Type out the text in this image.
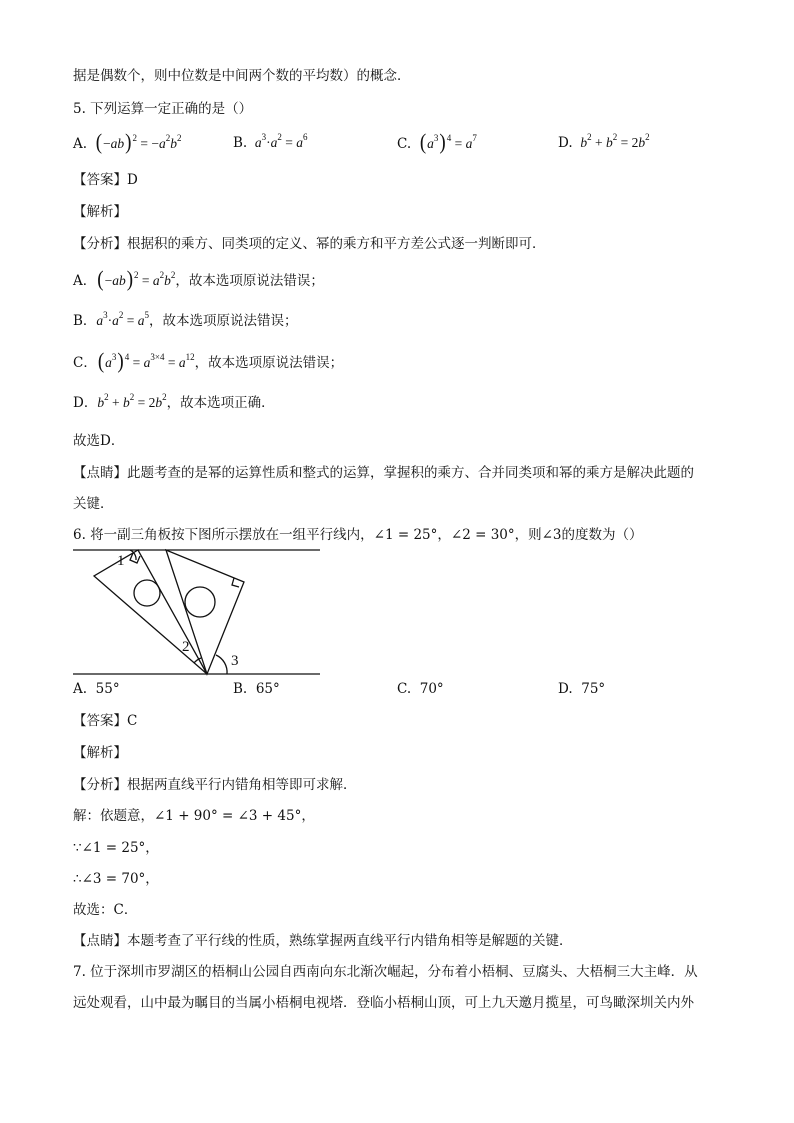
据是偶数个，则中位数是中间两个数的平均数）的概念．
5. 下列运算一定正确的是（）
A. $(-ab)^2 = -a^2b^2$	B.  $a^3\cdot a^2 = a^6$	C. $(a^3)^4 = a^7$	D.  $b^2 + b^2 = 2b^2$
【答案】D
【解析】
【分析】根据积的乘方、同类项的定义、幂的乘方和平方差公式逐一判断即可．
A．$(-ab)^2 = a^2b^2$，故本选项原说法错误；
B．$a^3\cdot a^2 = a^5$，故本选项原说法错误；
C．$(a^3)^4 = a^{3\times 4} = a^{12}$，故本选项原说法错误；
D．$b^2 + b^2 = 2b^2$，故本选项正确．
故选D．
【点睛】此题考查的是幂的运算性质和整式的运算，掌握积的乘方、合并同类项和幂的乘方是解决此题的
关键．
6. 将一副三角板按下图所示摆放在一组平行线内，∠1 = 25°，∠2 = 30°，则∠3的度数为（）
1
2
3
A. 55°	B. 65°	C. 70°	D. 75°
【答案】C
【解析】
【分析】根据两直线平行内错角相等即可求解．
解：依题意，∠1 + 90° = ∠3 + 45°，
∵∠1 = 25°，
∴∠3 = 70°，
故选：C．
【点睛】本题考查了平行线的性质，熟练掌握两直线平行内错角相等是解题的关键．
7. 位于深圳市罗湖区的梧桐山公园自西南向东北渐次崛起，分布着小梧桐、豆腐头、大梧桐三大主峰．从
远处观看，山中最为瞩目的当属小梧桐电视塔．登临小梧桐山顶，可上九天邀月揽星，可鸟瞰深圳关内外
